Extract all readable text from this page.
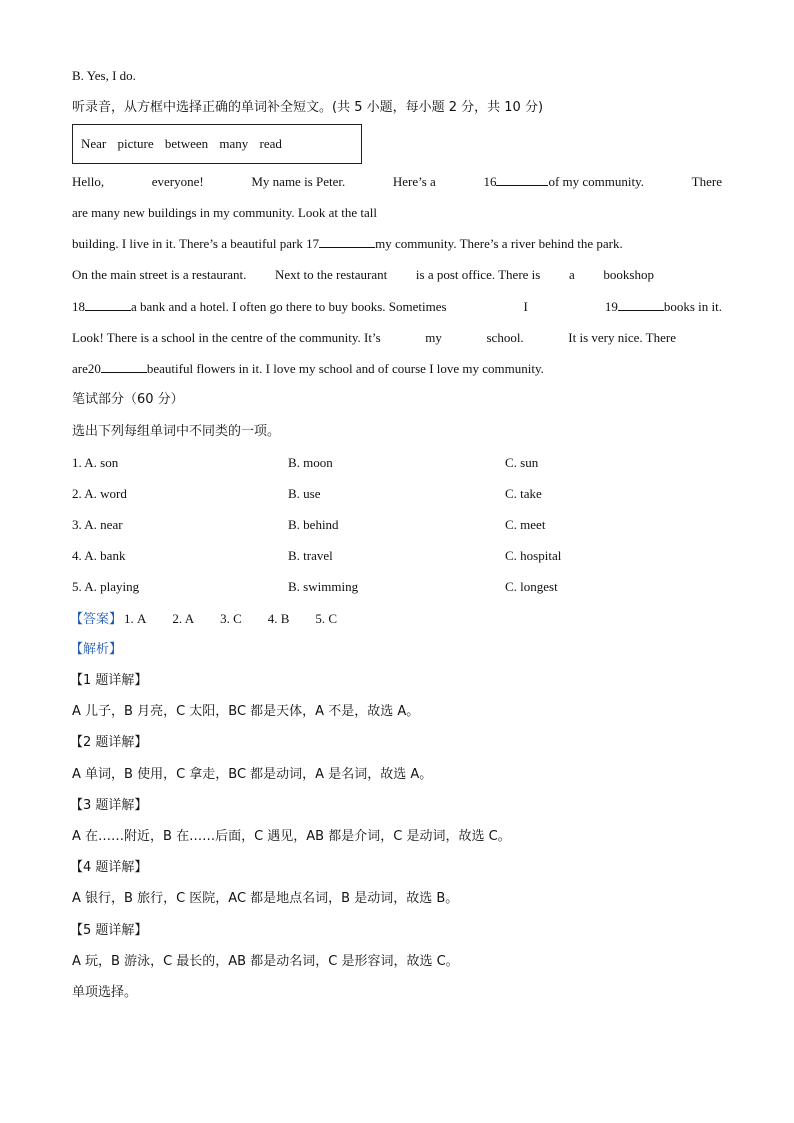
B. Yes, I do.
听录音，从方框中选择正确的单词补全短文。(共 5 小题，每小题 2 分，共 10 分)
Near picture between many read
Hello,	everyone!	My name is Peter.	Here’s a	16	of my community.	There
are many new buildings in my community. Look at the tall
building. I live in it. There’s a beautiful park 17	my community. There’s a river behind the park.
On the main street is a restaurant. Next to the restaurant is a post office. There is a bookshop
18	a bank and a hotel. I often go there to buy books. Sometimes	I	19	books in it.
Look! There is a school in the centre of the community. It’s	my	school.	It is very nice. There
are20	beautiful flowers in it. I love my school and of course I love my community.
笔试部分（60 分）
选出下列每组单词中不同类的一项。
1. A. son	B. moon	C. sun
2. A. word	B. use	C. take
3. A. near	B. behind	C. meet
4. A. bank	B. travel	C. hospital
5. A. playing	B. swimming	C. longest
【答案】 1. A 2. A 3. C 4. B 5. C
【解析】
【1 题详解】
A 儿子，B 月亮，C 太阳，BC 都是天体，A 不是，故选 A。
【2 题详解】
A 单词，B 使用，C 拿走，BC 都是动词，A 是名词，故选 A。
【3 题详解】
A 在……附近，B 在……后面，C 遇见，AB 都是介词，C 是动词，故选 C。
【4 题详解】
A 银行，B 旅行，C 医院，AC 都是地点名词，B 是动词，故选 B。
【5 题详解】
A 玩，B 游泳，C 最长的，AB 都是动名词，C 是形容词，故选 C。
单项选择。
